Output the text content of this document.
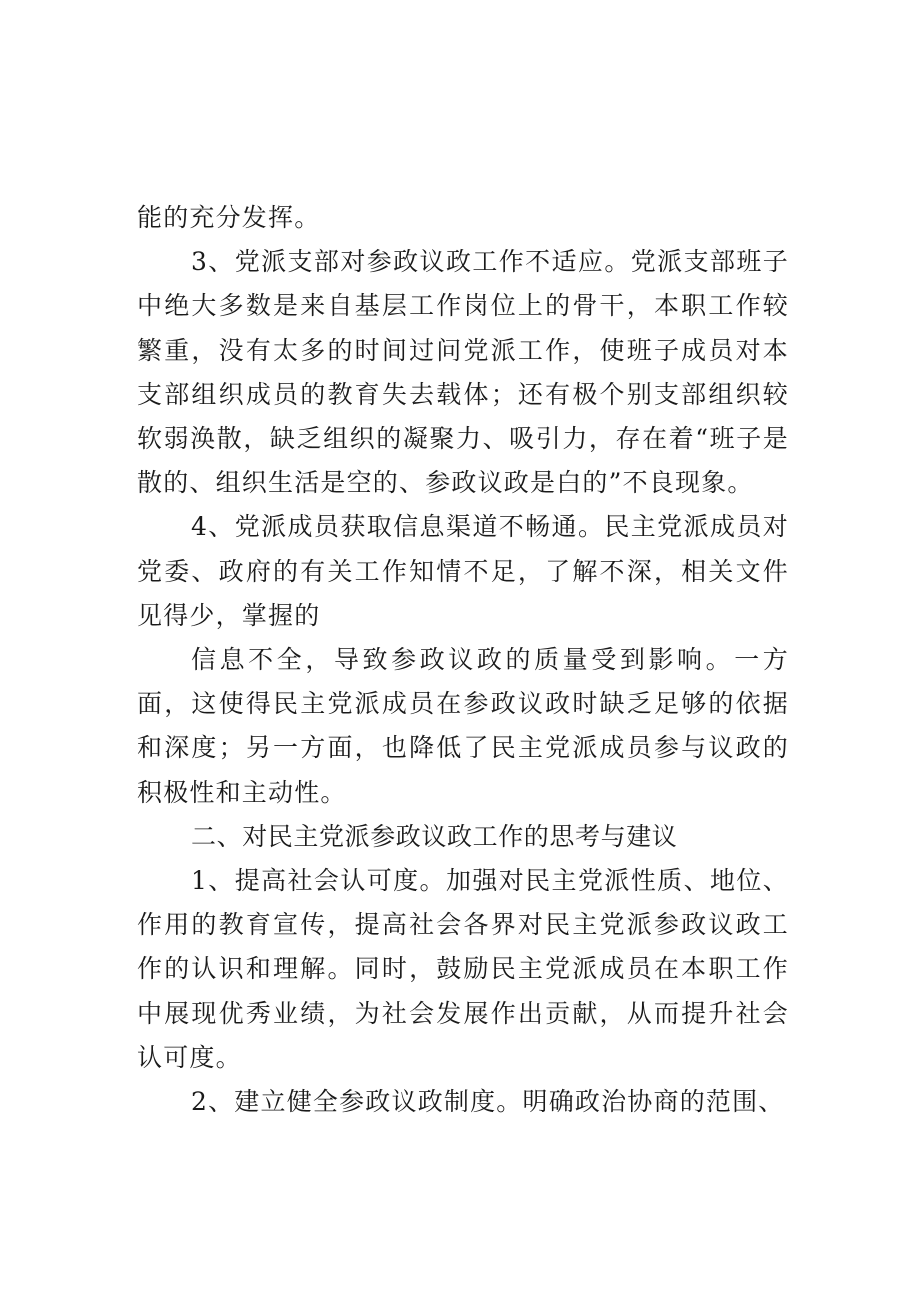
能的充分发挥。

3、党派支部对参政议政工作不适应。党派支部班子中绝大多数是来自基层工作岗位上的骨干，本职工作较繁重，没有太多的时间过问党派工作，使班子成员对本支部组织成员的教育失去载体；还有极个别支部组织较软弱涣散，缺乏组织的凝聚力、吸引力，存在着“班子是散的、组织生活是空的、参政议政是白的”不良现象。

4、党派成员获取信息渠道不畅通。民主党派成员对党委、政府的有关工作知情不足，了解不深，相关文件见得少，掌握的

信息不全，导致参政议政的质量受到影响。一方面，这使得民主党派成员在参政议政时缺乏足够的依据和深度；另一方面，也降低了民主党派成员参与议政的积极性和主动性。

二、对民主党派参政议政工作的思考与建议

1、提高社会认可度。加强对民主党派性质、地位、作用的教育宣传，提高社会各界对民主党派参政议政工作的认识和理解。同时，鼓励民主党派成员在本职工作中展现优秀业绩，为社会发展作出贡献，从而提升社会认可度。

2、建立健全参政议政制度。明确政治协商的范围、
